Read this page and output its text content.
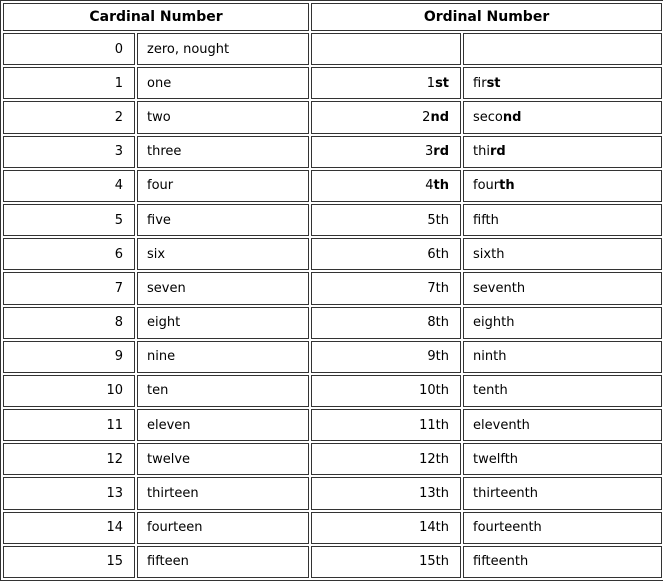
Cardinal Number		Ordinal Number	
0	zero, nought		
1	one	1st	first
2	two	2nd	second
3	three	3rd	third
4	four	4th	fourth
5	five	5th	fifth
6	six	6th	sixth
7	seven	7th	seventh
8	eight	8th	eighth
9	nine	9th	ninth
10	ten	10th	tenth
11	eleven	11th	eleventh
12	twelve	12th	twelfth
13	thirteen	13th	thirteenth
14	fourteen	14th	fourteenth
15	fifteen	15th	fifteenth
